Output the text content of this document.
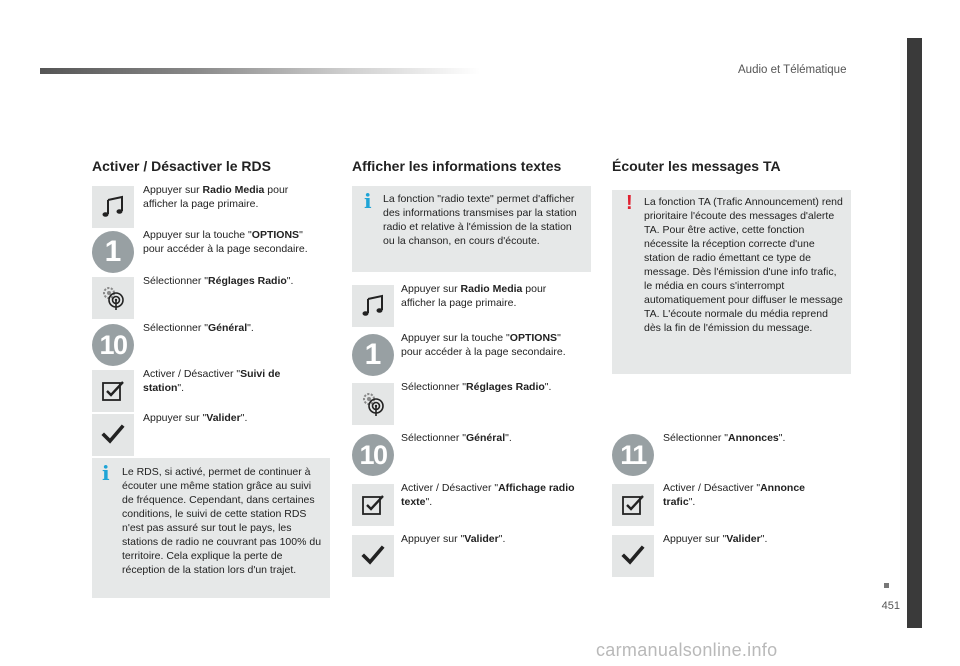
Audio et Télématique
Activer / Désactiver le RDS
Appuyer sur Radio Media pour afficher la page primaire.
1	Appuyer sur la touche "OPTIONS" pour accéder à la page secondaire.
Sélectionner "Réglages Radio".
10
Sélectionner "Général".
Activer / Désactiver "Suivi de station".
Appuyer sur "Valider".
i Le RDS, si activé, permet de continuer à écouter une même station grâce au suivi de fréquence. Cependant, dans certaines conditions, le suivi de cette station RDS n'est pas assuré sur tout le pays, les stations de radio ne couvrant pas 100% du territoire. Cela explique la perte de réception de la station lors d'un trajet.
Afficher les informations textes
i La fonction "radio texte" permet d'afficher des informations transmises par la station radio et relative à l'émission de la station ou la chanson, en cours d'écoute.
Appuyer sur Radio Media pour afficher la page primaire.
1	Appuyer sur la touche "OPTIONS" pour accéder à la page secondaire.
Sélectionner "Réglages Radio".
10
Sélectionner "Général".
Activer / Désactiver "Affichage radio texte".
Appuyer sur "Valider".
Écouter les messages TA
! La fonction TA (Trafic Announcement) rend prioritaire l'écoute des messages d'alerte TA. Pour être active, cette fonction nécessite la réception correcte d'une station de radio émettant ce type de message. Dès l'émission d'une info trafic, le média en cours s'interrompt automatiquement pour diffuser le message TA. L'écoute normale du média reprend dès la fin de l'émission du message.
11
Sélectionner "Annonces".
Activer / Désactiver "Annonce trafic".
Appuyer sur "Valider".
451
carmanualsonline.info
